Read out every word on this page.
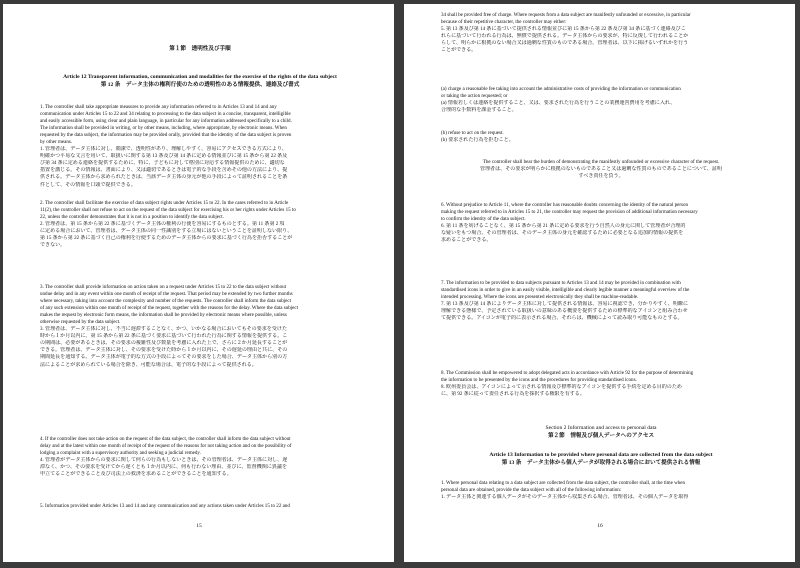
第１節　透明性及び手順
Article 12 Transparent information, communication and modalities for the exercise of the rights of the data subject
第 12 条　データ主体の権利行使のための透明性のある情報提供、連絡及び書式
1. The controller shall take appropriate measures to provide any information referred to in Articles 13 and 14 and any
communication under Articles 15 to 22 and 34 relating to processing to the data subject in a concise, transparent, intelligible
and easily accessible form, using clear and plain language, in particular for any information addressed specifically to a child.
The information shall be provided in writing, or by other means, including, where appropriate, by electronic means. When
requested by the data subject, the information may be provided orally, provided that the identity of the data subject is proven
by other means.
1. 管理者は、データ主体に対し、簡潔で、透明性があり、理解しやすく、容易にアクセスできる方式により、
明確かつ平易な文言を用いて、取扱いに関する第 13 条及び第 14 条に定める情報並びに第 15 条から第 22 条及
び第 34 条に定める連絡を提供するために、特に、子どもに対して格別に対応する情報提供のために、適切な
措置を講じる。その情報は、書面により、又は適切であるときは電子的な手段を含めその他の方法により、提
供される。データ主体から求められたときは、当該データ主体の身元が他の手段によって証明されることを条
件として、その情報を口頭で提供できる。
2. The controller shall facilitate the exercise of data subject rights under Articles 15 to 22. In the cases referred to in Article
11(2), the controller shall not refuse to act on the request of the data subject for exercising his or her rights under Articles 15 to
22, unless the controller demonstrates that it is not in a position to identify the data subject.
2. 管理者は、第 15 条から第 22 条に基づくデータ主体の権利の行使を容易にするものとする。第 11 条第 2 項
に定める場合において、管理者は、データ主体の同一性識別をする立場にはないということを証明しない限り、
第 15 条から第 22 条に基づく自己の権利を行使するためのデータ主体からの要求に基づく行為を拒否することが
できない。
3. The controller shall provide information on action taken on a request under Articles 15 to 22 to the data subject without
undue delay and in any event within one month of receipt of the request. That period may be extended by two further months
where necessary, taking into account the complexity and number of the requests. The controller shall inform the data subject
of any such extension within one month of receipt of the request, together with the reasons for the delay. Where the data subject
makes the request by electronic form means, the information shall be provided by electronic means where possible, unless
otherwise requested by the data subject.
3. 管理者は、データ主体に対し、不当に遅滞することなく、かつ、いかなる場合においてもその要求を受けた
時から１か月以内に、第 15 条から第 22 条に基づく要求に基づいて行われた行為に関する情報を提供する。こ
の期間は、必要があるときは、その要求の複雑性及び数量を考慮に入れた上で、さらに２か月延長することが
できる。管理者は、データ主体に対し、その要求を受けた時から１か月以内に、その遅延の理由と共に、その
期間延長を通知する。データ主体が電子的な方式の手段によってその要求をした場合、データ主体から別の方
法によることが求められている場合を除き、可能な場合は、電子的な手段によって提供される。
4. If the controller does not take action on the request of the data subject, the controller shall inform the data subject without
delay and at the latest within one month of receipt of the request of the reasons for not taking action and on the possibility of
lodging a complaint with a supervisory authority and seeking a judicial remedy.
4. 管理者がデータ主体からの要求に関して何らの行為もしないときは、その管理者は、データ主体に対し、遅
滞なく、かつ、その要求を受けてから遅くとも１か月以内に、何も行わない理由、並びに、監督機関に異議を
申立てることができること及び司法上の救済を求めることができることを通知する。
5. Information provided under Articles 13 and 14 and any communication and any actions taken under Articles 15 to 22 and
15
34 shall be provided free of charge. Where requests from a data subject are manifestly unfounded or excessive, in particular
because of their repetitive character, the controller may either:
5. 第 13 条及び第 14 条に基づいて提供される情報並びに第 15 条から第 22 条及び第 34 条に基づく連絡及びこ
れらに基づいて行われる行為は、無償で提供される。データ主体からの要求が、特に反復して行われることか
らして、明らかに根拠のない場合又は過剰な性質のものである場合、管理者は、以下に掲げるいずれかを行う
ことができる。
(a) charge a reasonable fee taking into account the administrative costs of providing the information or communication
or taking the action requested; or
(a) 情報若しくは連絡を提供すること、又は、要求された行為を行うことの業務運営費用を考慮に入れ、
合理的な手数料を課金すること。
(b) refuse to act on the request.
(b) 要求された行為を拒むこと。
The controller shall bear the burden of demonstrating the manifestly unfounded or excessive character of the request.
管理者は、その要求が明らかに根拠のないものであること又は過剰な性質のものであることについて、証明
すべき責任を負う。
6. Without prejudice to Article 11, where the controller has reasonable doubts concerning the identity of the natural person
making the request referred to in Articles 15 to 21, the controller may request the provision of additional information necessary
to confirm the identity of the data subject.
6. 第 11 条を妨げることなく、第 15 条から第 21 条に定める要求を行う自然人の身元に関して管理者が合理的
な疑いをもつ場合、その管理者は、そのデータ主体の身元を確認するために必要となる追加的情報の提供を
求めることができる。
7. The information to be provided to data subjects pursuant to Articles 13 and 14 may be provided in combination with
standardised icons in order to give in an easily visible, intelligible and clearly legible manner a meaningful overview of the
intended processing. Where the icons are presented electronically they shall be machine-readable.
7. 第 13 条及び第 14 条によりデータ主体に対して提供される情報は、容易に視認でき、分かりやすく、明瞭に
理解できる態様で、予定されている取扱いの意味のある概要を提供するための標準的なアイコンと組み合わせ
て提供できる。アイコンが電子的に表示される場合、それらは、機械によって読み取り可能なものとする。
8. The Commission shall be empowered to adopt delegated acts in accordance with Article 92 for the purpose of determining
the information to be presented by the icons and the procedures for providing standardised icons.
8. 欧州委員会は、アイコンによって示される情報及び標準的なアイコンを提供する手続を定める目的のため
に、第 92 条に従って委任される行為を採択する権限を有する。
Section 2 Information and access to personal data
第２節　情報及び個人データへのアクセス
Article 13 Information to be provided where personal data are collected from the data subject
第 13 条　データ主体から個人データが取得される場合において提供される情報
1. Where personal data relating to a data subject are collected from the data subject, the controller shall, at the time when
personal data are obtained, provide the data subject with all of the following information:
1. データ主体と関連する個人データがそのデータ主体から収集される場合、管理者は、その個人データを取得
16
